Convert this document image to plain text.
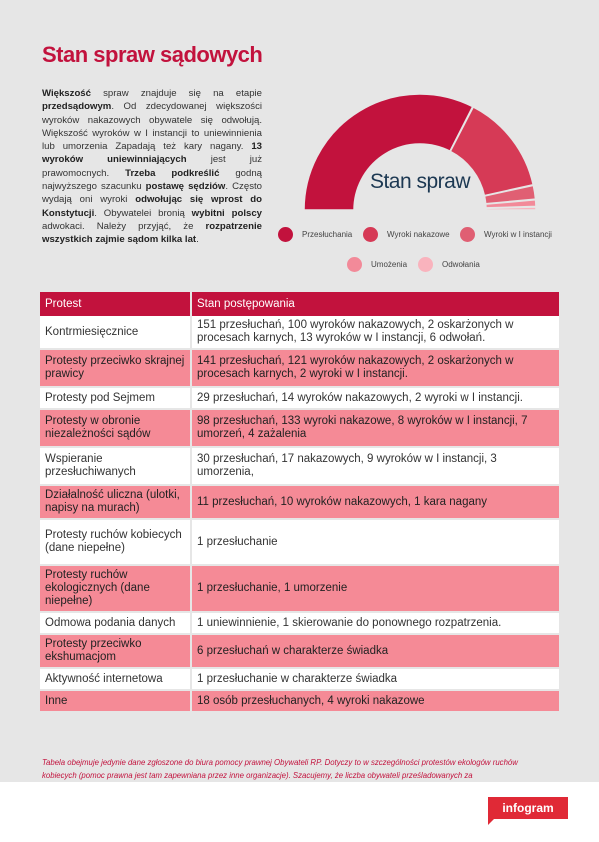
Stan spraw sądowych
Większość spraw znajduje się na etapie przedsądowym. Od zdecydowanej większości wyroków nakazowych obywatele się odwołują. Większość wyroków w I instancji to uniewinnienia lub umorzenia Zapadają też kary nagany. 13 wyroków uniewinniających jest już prawomocnych. Trzeba podkreślić godną najwyższego szacunku postawę sędziów. Często wydają oni wyroki odwołując się wprost do Konstytucji. Obywatelei bronią wybitni polscy adwokaci. Należy przyjąć, że rozpatrzenie wszystkich zajmie sądom kilka lat.
Stan spraw
Przesłuchania	Wyroki nakazowe	Wyroki w I instancji
Umożenia	Odwołania
Protest	Stan postępowania
Kontrmiesięcznice	151 przesłuchań, 100 wyroków nakazowych, 2 oskarżonych w procesach karnych, 13 wyroków w I instancji, 6 odwołań.
Protesty przeciwko skrajnej prawicy	141 przesłuchań, 121 wyroków nakazowych, 2 oskarżonych w procesach karnych, 2 wyroki w I instancji.
Protesty pod Sejmem	29 przesłuchań, 14 wyroków nakazowych, 2 wyroki w I instancji.
Protesty w obronie niezależności sądów	98 przesłuchań, 133 wyroki nakazowe, 8 wyroków w I instancji, 7 umorzeń, 4 zażalenia
Wspieranie przesłuchiwanych	30 przesłuchań, 17 nakazowych, 9 wyroków w I instancji, 3 umorzenia,
Działalność uliczna (ulotki, napisy na murach)	11 przesłuchań, 10 wyroków nakazowych, 1 kara nagany
Protesty ruchów kobiecych (dane niepełne)	1 przesłuchanie
Protesty ruchów ekologicznych (dane niepełne)	1 przesłuchanie, 1 umorzenie
Odmowa podania danych	1 uniewinnienie, 1 skierowanie do ponownego rozpatrzenia.
Protesty przeciwko ekshumacjom	6 przesłuchań w charakterze świadka
Aktywność internetowa	1 przesłuchanie w charakterze świadka
Inne	18 osób przesłuchanych, 4 wyroki nakazowe
Tabela obejmuje jedynie dane zgłoszone do biura pomocy prawnej Obywateli RP. Dotyczy to w szczególności protestów ekologów ruchów kobiecych (pomoc prawna jest tam zapewniana przez inne organizacje). Szacujemy, że liczba obywateli prześladowanych za
infogram
